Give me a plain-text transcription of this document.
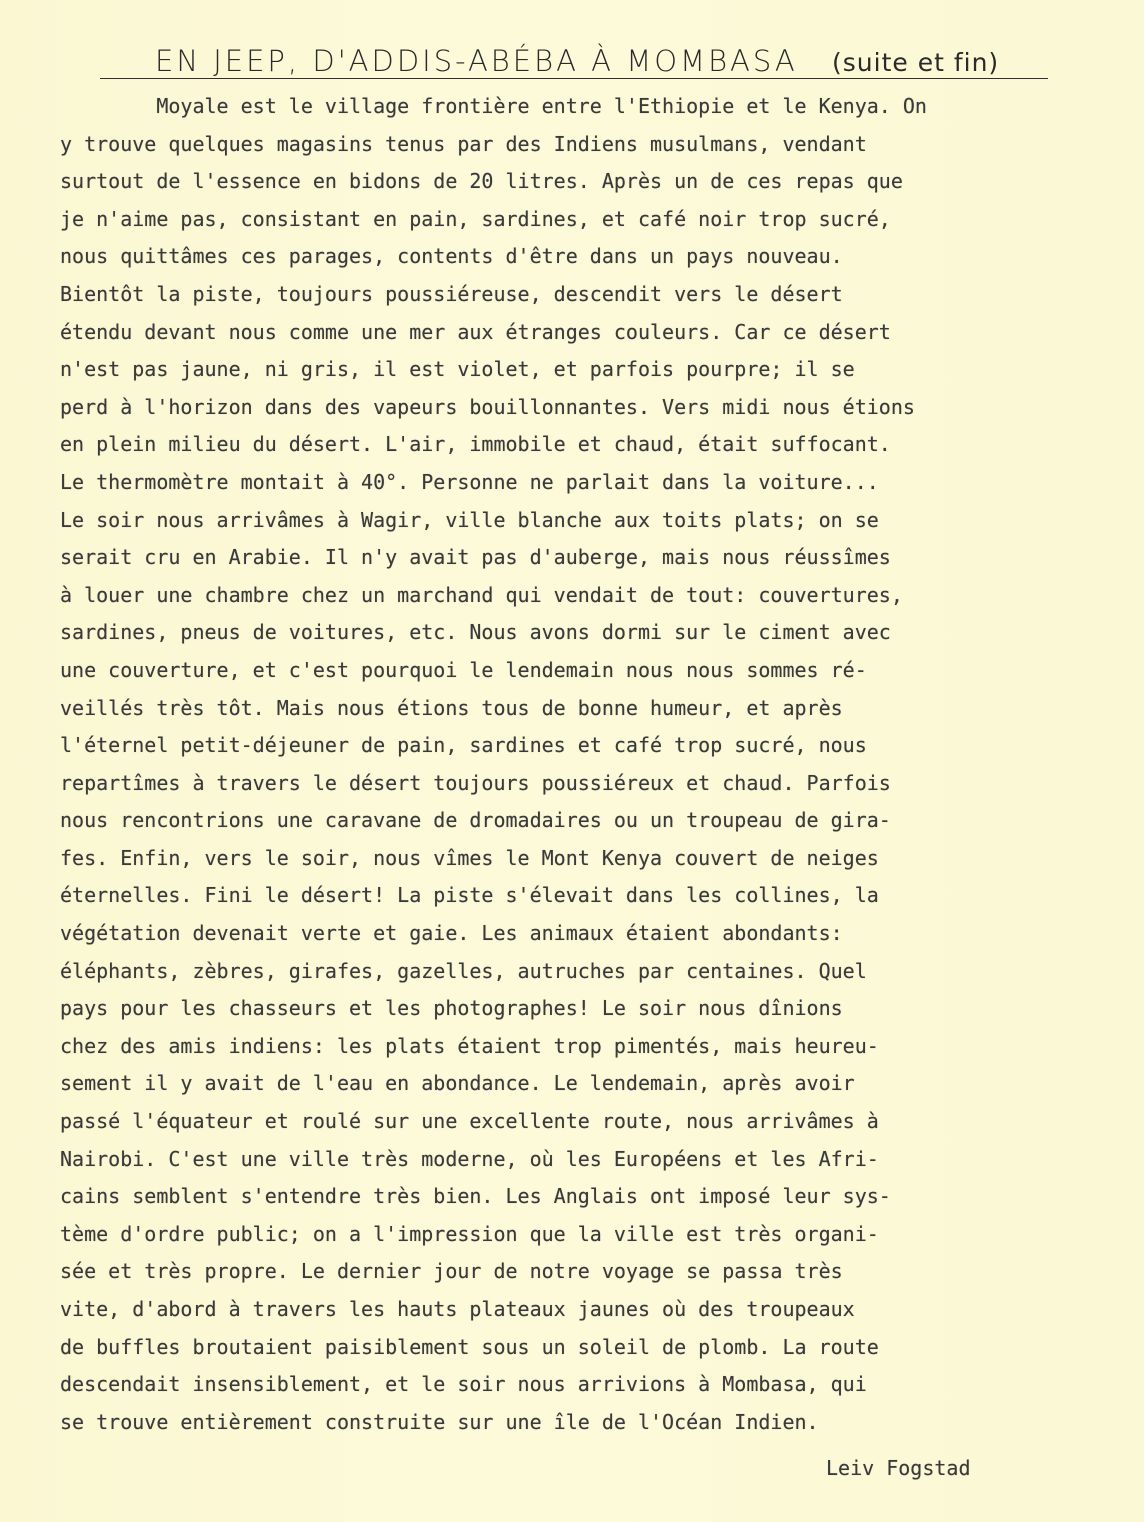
EN JEEP, D'ADDIS-ABÉBA À MOMBASA (suite et fin)
Moyale est le village frontière entre l'Ethiopie et le Kenya. On
y trouve quelques magasins tenus par des Indiens musulmans, vendant
surtout de l'essence en bidons de 20 litres. Après un de ces repas que
je n'aime pas, consistant en pain, sardines, et café noir trop sucré,
nous quittâmes ces parages, contents d'être dans un pays nouveau.
Bientôt la piste, toujours poussiéreuse, descendit vers le désert
étendu devant nous comme une mer aux étranges couleurs. Car ce désert
n'est pas jaune, ni gris, il est violet, et parfois pourpre; il se
perd à l'horizon dans des vapeurs bouillonnantes. Vers midi nous étions
en plein milieu du désert. L'air, immobile et chaud, était suffocant.
Le thermomètre montait à 40°. Personne ne parlait dans la voiture...
Le soir nous arrivâmes à Wagir, ville blanche aux toits plats; on se
serait cru en Arabie. Il n'y avait pas d'auberge, mais nous réussîmes
à louer une chambre chez un marchand qui vendait de tout: couvertures,
sardines, pneus de voitures, etc. Nous avons dormi sur le ciment avec
une couverture, et c'est pourquoi le lendemain nous nous sommes ré-
veillés très tôt. Mais nous étions tous de bonne humeur, et après
l'éternel petit-déjeuner de pain, sardines et café trop sucré, nous
repartîmes à travers le désert toujours poussiéreux et chaud. Parfois
nous rencontrions une caravane de dromadaires ou un troupeau de gira-
fes. Enfin, vers le soir, nous vîmes le Mont Kenya couvert de neiges
éternelles. Fini le désert! La piste s'élevait dans les collines, la
végétation devenait verte et gaie. Les animaux étaient abondants:
éléphants, zèbres, girafes, gazelles, autruches par centaines. Quel
pays pour les chasseurs et les photographes! Le soir nous dînions
chez des amis indiens: les plats étaient trop pimentés, mais heureu-
sement il y avait de l'eau en abondance. Le lendemain, après avoir
passé l'équateur et roulé sur une excellente route, nous arrivâmes à
Nairobi. C'est une ville très moderne, où les Européens et les Afri-
cains semblent s'entendre très bien. Les Anglais ont imposé leur sys-
tème d'ordre public; on a l'impression que la ville est très organi-
sée et très propre. Le dernier jour de notre voyage se passa très
vite, d'abord à travers les hauts plateaux jaunes où des troupeaux
de buffles broutaient paisiblement sous un soleil de plomb. La route
descendait insensiblement, et le soir nous arrivions à Mombasa, qui
se trouve entièrement construite sur une île de l'Océan Indien.
Leiv Fogstad
